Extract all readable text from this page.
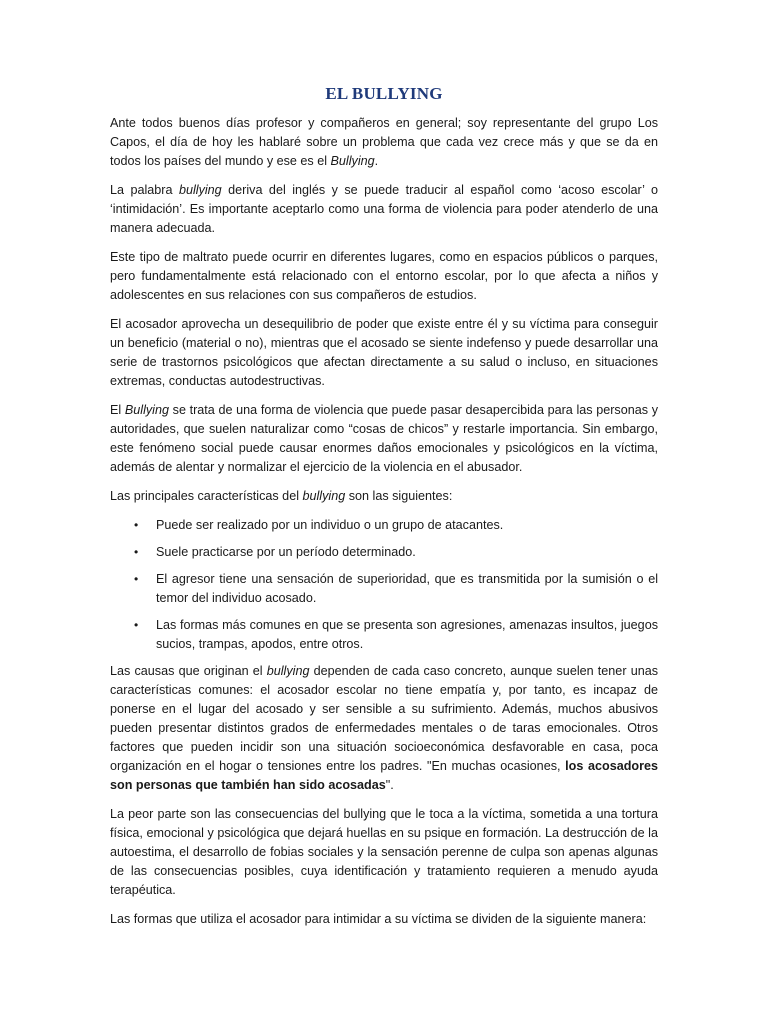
EL BULLYING

Ante todos buenos días profesor y compañeros en general; soy representante del grupo Los Capos, el día de hoy les hablaré sobre un problema que cada vez crece más y que se da en todos los países del mundo y ese es el Bullying.

La palabra bullying deriva del inglés y se puede traducir al español como ‘acoso escolar’ o ‘intimidación’. Es importante aceptarlo como una forma de violencia para poder atenderlo de una manera adecuada.

Este tipo de maltrato puede ocurrir en diferentes lugares, como en espacios públicos o parques, pero fundamentalmente está relacionado con el entorno escolar, por lo que afecta a niños y adolescentes en sus relaciones con sus compañeros de estudios.

El acosador aprovecha un desequilibrio de poder que existe entre él y su víctima para conseguir un beneficio (material o no), mientras que el acosado se siente indefenso y puede desarrollar una serie de trastornos psicológicos que afectan directamente a su salud o incluso, en situaciones extremas, conductas autodestructivas.

El Bullying se trata de una forma de violencia que puede pasar desapercibida para las personas y autoridades, que suelen naturalizar como “cosas de chicos” y restarle importancia. Sin embargo, este fenómeno social puede causar enormes daños emocionales y psicológicos en la víctima, además de alentar y normalizar el ejercicio de la violencia en el abusador.

Las principales características del bullying son las siguientes:

• Puede ser realizado por un individuo o un grupo de atacantes.
• Suele practicarse por un período determinado.
• El agresor tiene una sensación de superioridad, que es transmitida por la sumisión o el temor del individuo acosado.
• Las formas más comunes en que se presenta son agresiones, amenazas insultos, juegos sucios, trampas, apodos, entre otros.

Las causas que originan el bullying dependen de cada caso concreto, aunque suelen tener unas características comunes: el acosador escolar no tiene empatía y, por tanto, es incapaz de ponerse en el lugar del acosado y ser sensible a su sufrimiento. Además, muchos abusivos pueden presentar distintos grados de enfermedades mentales o de taras emocionales. Otros factores que pueden incidir son una situación socioeconómica desfavorable en casa, poca organización en el hogar o tensiones entre los padres. "En muchas ocasiones, los acosadores son personas que también han sido acosadas".

La peor parte son las consecuencias del bullying que le toca a la víctima, sometida a una tortura física, emocional y psicológica que dejará huellas en su psique en formación. La destrucción de la autoestima, el desarrollo de fobias sociales y la sensación perenne de culpa son apenas algunas de las consecuencias posibles, cuya identificación y tratamiento requieren a menudo ayuda terapéutica.

Las formas que utiliza el acosador para intimidar a su víctima se dividen de la siguiente manera:
